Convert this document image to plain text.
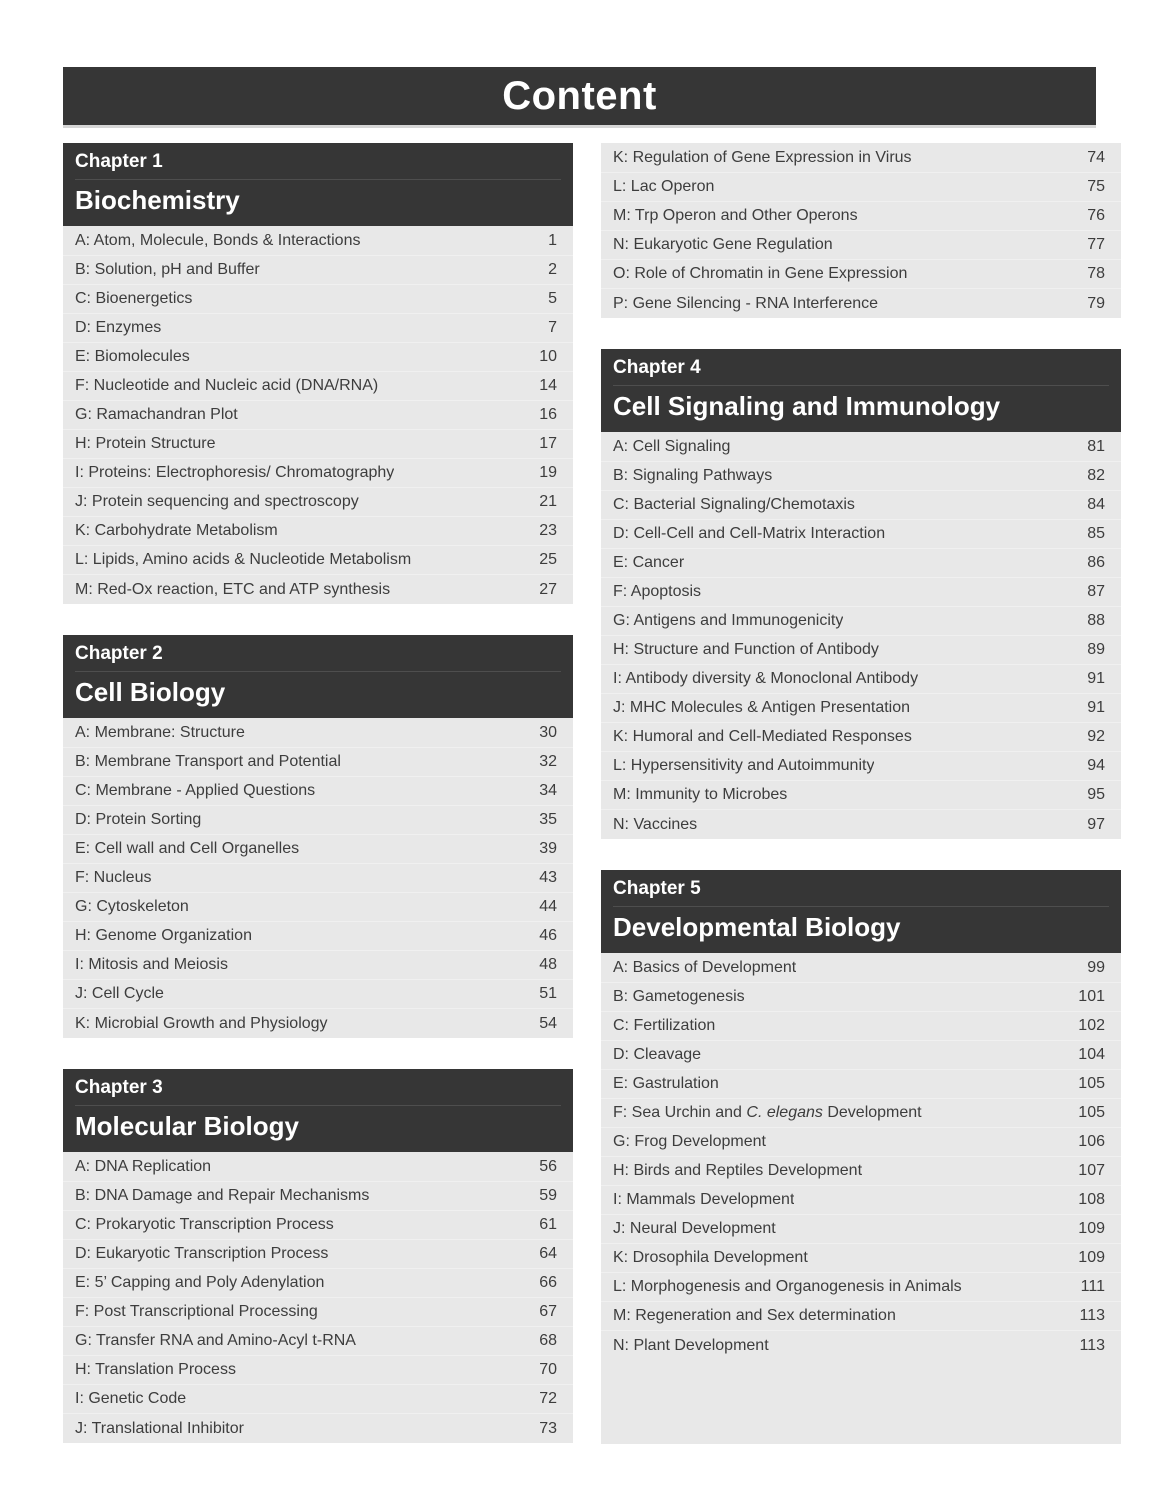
Content
Chapter 1
Biochemistry
A: Atom, Molecule, Bonds & Interactions	1
B: Solution, pH and Buffer	2
C: Bioenergetics	5
D: Enzymes	7
E: Biomolecules	10
F: Nucleotide and Nucleic acid (DNA/RNA)	14
G: Ramachandran Plot	16
H: Protein Structure	17
I: Proteins: Electrophoresis/ Chromatography	19
J: Protein sequencing and spectroscopy	21
K: Carbohydrate Metabolism	23
L: Lipids, Amino acids & Nucleotide Metabolism	25
M: Red-Ox reaction, ETC and ATP synthesis	27
Chapter 2
Cell Biology
A: Membrane: Structure	30
B: Membrane Transport and Potential	32
C: Membrane - Applied Questions	34
D: Protein Sorting	35
E: Cell wall and Cell Organelles	39
F: Nucleus	43
G: Cytoskeleton	44
H: Genome Organization	46
I: Mitosis and Meiosis	48
J: Cell Cycle	51
K: Microbial Growth and Physiology	54
Chapter 3
Molecular Biology
A: DNA Replication	56
B: DNA Damage and Repair Mechanisms	59
C: Prokaryotic Transcription Process	61
D: Eukaryotic Transcription Process	64
E: 5’ Capping and Poly Adenylation	66
F: Post Transcriptional Processing	67
G: Transfer RNA and Amino-Acyl t-RNA	68
H: Translation Process	70
I: Genetic Code	72
J: Translational Inhibitor	73
K: Regulation of Gene Expression in Virus	74
L: Lac Operon	75
M: Trp Operon and Other Operons	76
N: Eukaryotic Gene Regulation	77
O: Role of Chromatin in Gene Expression	78
P: Gene Silencing - RNA Interference	79
Chapter 4
Cell Signaling and Immunology
A: Cell Signaling	81
B: Signaling Pathways	82
C: Bacterial Signaling/Chemotaxis	84
D: Cell-Cell and Cell-Matrix Interaction	85
E: Cancer	86
F: Apoptosis	87
G: Antigens and Immunogenicity	88
H: Structure and Function of Antibody	89
I: Antibody diversity & Monoclonal Antibody	91
J: MHC Molecules & Antigen Presentation	91
K: Humoral and Cell-Mediated Responses	92
L: Hypersensitivity and Autoimmunity	94
M: Immunity to Microbes	95
N: Vaccines	97
Chapter 5
Developmental Biology
A: Basics of Development	99
B: Gametogenesis	101
C: Fertilization	102
D: Cleavage	104
E: Gastrulation	105
F: Sea Urchin and C. elegans Development	105
G: Frog Development	106
H: Birds and Reptiles Development	107
I: Mammals Development	108
J: Neural Development	109
K: Drosophila Development	109
L: Morphogenesis and Organogenesis in Animals	111
M: Regeneration and Sex determination	113
N: Plant Development	113
